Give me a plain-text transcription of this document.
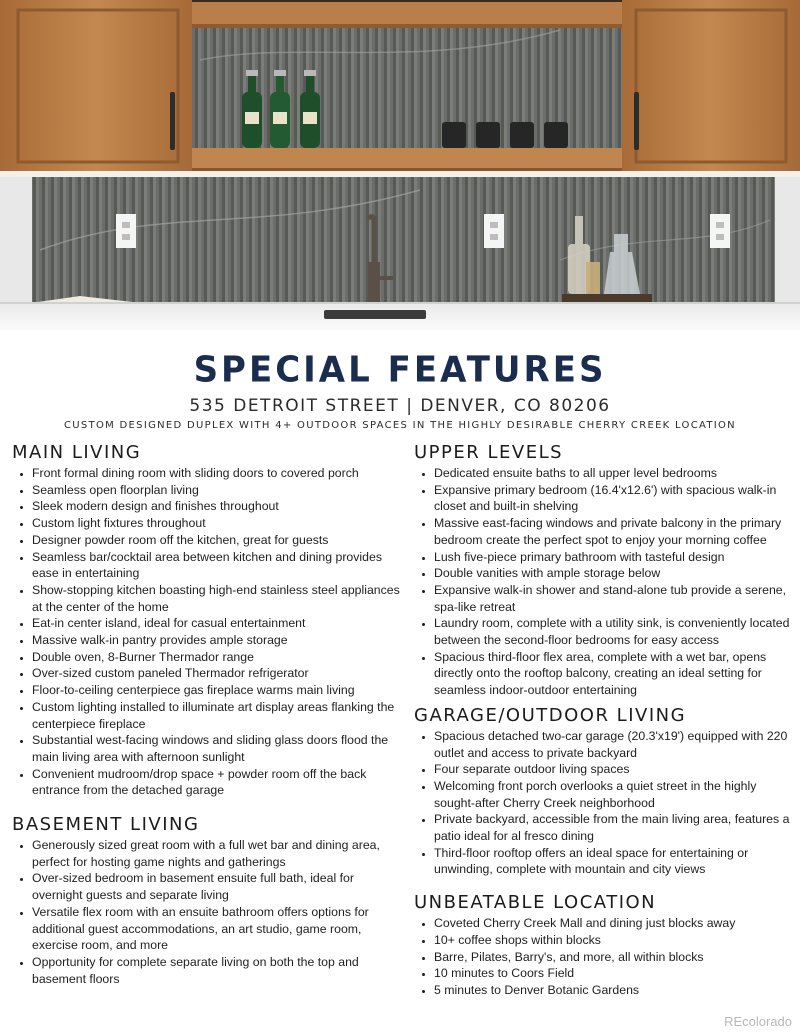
SPECIAL FEATURES
535 DETROIT STREET | DENVER, CO 80206
CUSTOM DESIGNED DUPLEX WITH 4+ OUTDOOR SPACES IN THE HIGHLY DESIRABLE CHERRY CREEK LOCATION
MAIN LIVING
• Front formal dining room with sliding doors to covered porch
• Seamless open floorplan living
• Sleek modern design and finishes throughout
• Custom light fixtures throughout
• Designer powder room off the kitchen, great for guests
• Seamless bar/cocktail area between kitchen and dining provides ease in entertaining
• Show-stopping kitchen boasting high-end stainless steel appliances at the center of the home
• Eat-in center island, ideal for casual entertainment
• Massive walk-in pantry provides ample storage
• Double oven, 8-Burner Thermador range
• Over-sized custom paneled Thermador refrigerator
• Floor-to-ceiling centerpiece gas fireplace warms main living
• Custom lighting installed to illuminate art display areas flanking the centerpiece fireplace
• Substantial west-facing windows and sliding glass doors flood the main living area with afternoon sunlight
• Convenient mudroom/drop space + powder room off the back entrance from the detached garage
BASEMENT LIVING
• Generously sized great room with a full wet bar and dining area, perfect for hosting game nights and gatherings
• Over-sized bedroom in basement ensuite full bath, ideal for overnight guests and separate living
• Versatile flex room with an ensuite bathroom offers options for additional guest accommodations, an art studio, game room, exercise room, and more
• Opportunity for complete separate living on both the top and basement floors
UPPER LEVELS
• Dedicated ensuite baths to all upper level bedrooms
• Expansive primary bedroom (16.4'x12.6') with spacious walk-in closet and built-in shelving
• Massive east-facing windows and private balcony in the primary bedroom create the perfect spot to enjoy your morning coffee
• Lush five-piece primary bathroom with tasteful design
• Double vanities with ample storage below
• Expansive walk-in shower and stand-alone tub provide a serene, spa-like retreat
• Laundry room, complete with a utility sink, is conveniently located between the second-floor bedrooms for easy access
• Spacious third-floor flex area, complete with a wet bar, opens directly onto the rooftop balcony, creating an ideal setting for seamless indoor-outdoor entertaining
GARAGE/OUTDOOR LIVING
• Spacious detached two-car garage (20.3'x19') equipped with 220 outlet and access to private backyard
• Four separate outdoor living spaces
• Welcoming front porch overlooks a quiet street in the highly sought-after Cherry Creek neighborhood
• Private backyard, accessible from the main living area, features a patio ideal for al fresco dining
• Third-floor rooftop offers an ideal space for entertaining or unwinding, complete with mountain and city views
UNBEATABLE LOCATION
• Coveted Cherry Creek Mall and dining just blocks away
• 10+ coffee shops within blocks
• Barre, Pilates, Barry's, and more, all within blocks
• 10 minutes to Coors Field
• 5 minutes to Denver Botanic Gardens
REcolorado
